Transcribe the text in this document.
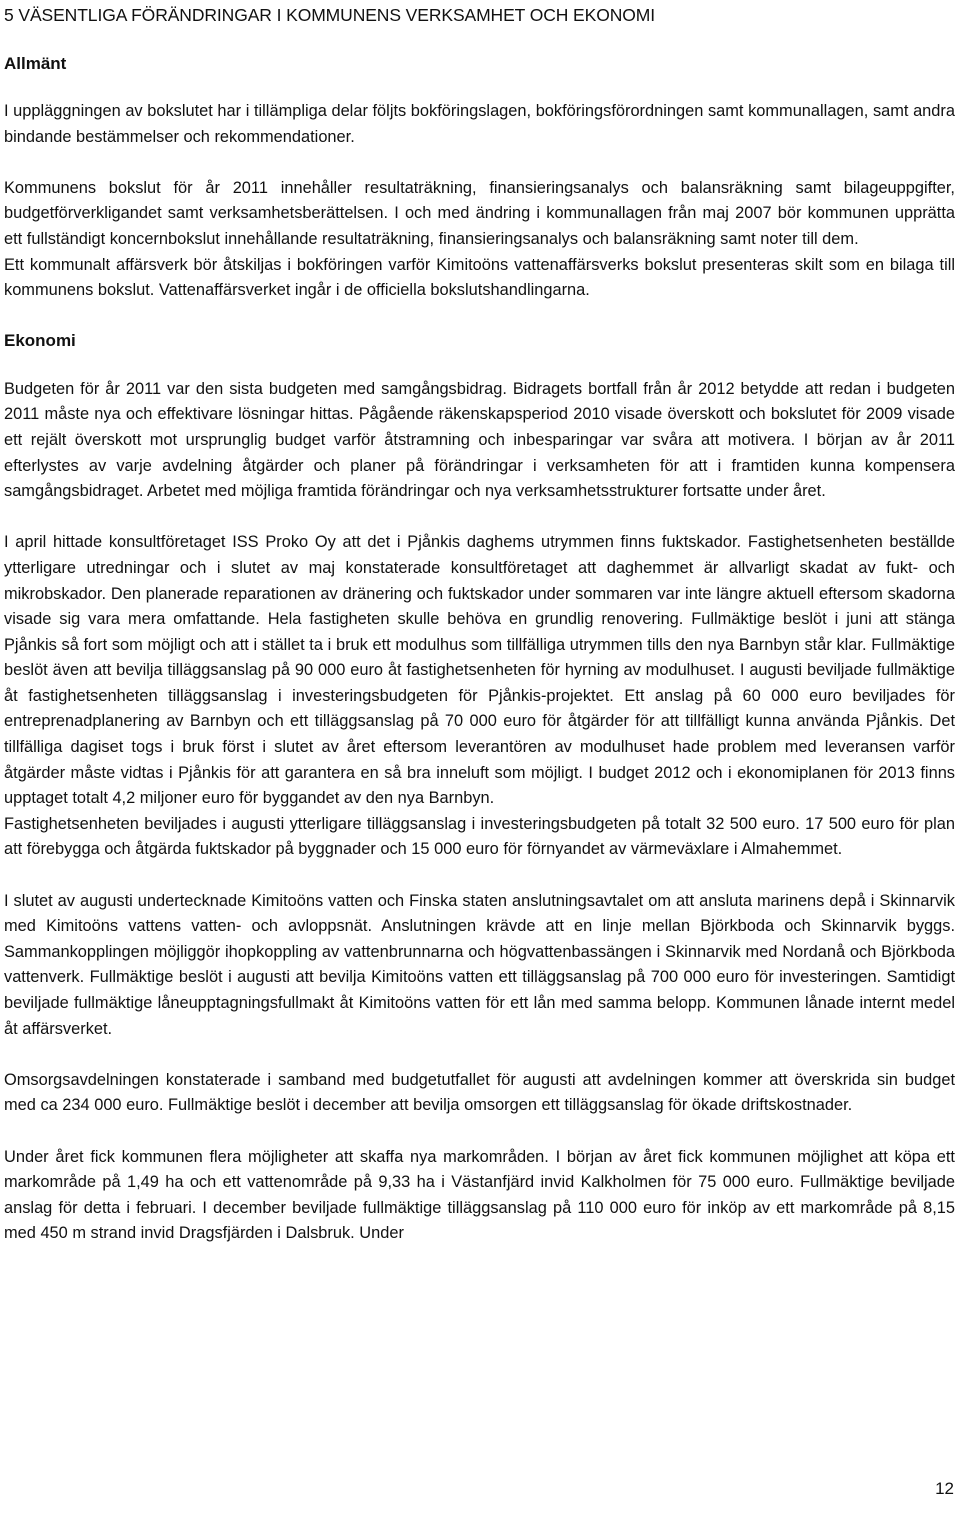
5 VÄSENTLIGA FÖRÄNDRINGAR I KOMMUNENS VERKSAMHET OCH EKONOMI
Allmänt

I uppläggningen av bokslutet har i tillämpliga delar följts bokföringslagen, bokföringsförordningen samt kommunallagen, samt andra bindande bestämmelser och rekommendationer.

Kommunens bokslut för år 2011 innehåller resultaträkning, finansieringsanalys och balansräkning samt bilageuppgifter, budgetförverkligandet samt verksamhetsberättelsen. I och med ändring i kommunallagen från maj 2007 bör kommunen upprätta ett fullständigt koncernbokslut innehållande resultaträkning, finansieringsanalys och balansräkning samt noter till dem.

Ett kommunalt affärsverk bör åtskiljas i bokföringen varför Kimitoöns vattenaffärsverks bokslut presenteras skilt som en bilaga till kommunens bokslut. Vattenaffärsverket ingår i de officiella bokslutshandlingarna.

Ekonomi

Budgeten för år 2011 var den sista budgeten med samgångsbidrag. Bidragets bortfall från år 2012 betydde att redan i budgeten 2011 måste nya och effektivare lösningar hittas. Pågående räkenskapsperiod 2010 visade överskott och bokslutet för 2009 visade ett rejält överskott mot ursprunglig budget varför åtstramning och inbesparingar var svåra att motivera. I början av år 2011 efterlystes av varje avdelning åtgärder och planer på förändringar i verksamheten för att i framtiden kunna kompensera samgångsbidraget. Arbetet med möjliga framtida förändringar och nya verksamhetsstrukturer fortsatte under året.

I april hittade konsultföretaget ISS Proko Oy att det i Pjånkis daghems utrymmen finns fuktskador. Fastighetsenheten beställde ytterligare utredningar och i slutet av maj konstaterade konsultföretaget att daghemmet är allvarligt skadat av fukt- och mikrobskador. Den planerade reparationen av dränering och fuktskador under sommaren var inte längre aktuell eftersom skadorna visade sig vara mera omfattande. Hela fastigheten skulle behöva en grundlig renovering. Fullmäktige beslöt i juni att stänga Pjånkis så fort som möjligt och att i stället ta i bruk ett modulhus som tillfälliga utrymmen tills den nya Barnbyn står klar. Fullmäktige beslöt även att bevilja tilläggsanslag på 90 000 euro åt fastighetsenheten för hyrning av modulhuset. I augusti beviljade fullmäktige åt fastighetsenheten tilläggsanslag i investeringsbudgeten för Pjånkis-projektet. Ett anslag på 60 000 euro beviljades för entreprenadplanering av Barnbyn och ett tilläggsanslag på 70 000 euro för åtgärder för att tillfälligt kunna använda Pjånkis. Det tillfälliga dagiset togs i bruk först i slutet av året eftersom leverantören av modulhuset hade problem med leveransen varför åtgärder måste vidtas i Pjånkis för att garantera en så bra inneluft som möjligt. I budget 2012 och i ekonomiplanen för 2013 finns upptaget totalt 4,2 miljoner euro för byggandet av den nya Barnbyn.

Fastighetsenheten beviljades i augusti ytterligare tilläggsanslag i investeringsbudgeten på totalt 32 500 euro. 17 500 euro för plan att förebygga och åtgärda fuktskador på byggnader och 15 000 euro för förnyandet av värmeväxlare i Almahemmet.

I slutet av augusti undertecknade Kimitoöns vatten och Finska staten anslutningsavtalet om att ansluta marinens depå i Skinnarvik med Kimitoöns vattens vatten- och avloppsnät. Anslutningen krävde att en linje mellan Björkboda och Skinnarvik byggs. Sammankopplingen möjliggör ihopkoppling av vattenbrunnarna och högvattenbassängen i Skinnarvik med Nordanå och Björkboda vattenverk. Fullmäktige beslöt i augusti att bevilja Kimitoöns vatten ett tilläggsanslag på 700 000 euro för investeringen. Samtidigt beviljade fullmäktige låneupptagningsfullmakt åt Kimitoöns vatten för ett lån med samma belopp. Kommunen lånade internt medel åt affärsverket.

Omsorgsavdelningen konstaterade i samband med budgetutfallet för augusti att avdelningen kommer att överskrida sin budget med ca 234 000 euro. Fullmäktige beslöt i december att bevilja omsorgen ett tilläggsanslag för ökade driftskostnader.

Under året fick kommunen flera möjligheter att skaffa nya markområden. I början av året fick kommunen möjlighet att köpa ett markområde på 1,49 ha och ett vattenområde på 9,33 ha i Västanfjärd invid Kalkholmen för 75 000 euro. Fullmäktige beviljade anslag för detta i februari. I december beviljade fullmäktige tilläggsanslag på 110 000 euro för inköp av ett markområde på 8,15 med 450 m strand invid Dragsfjärden i Dalsbruk. Under

12
